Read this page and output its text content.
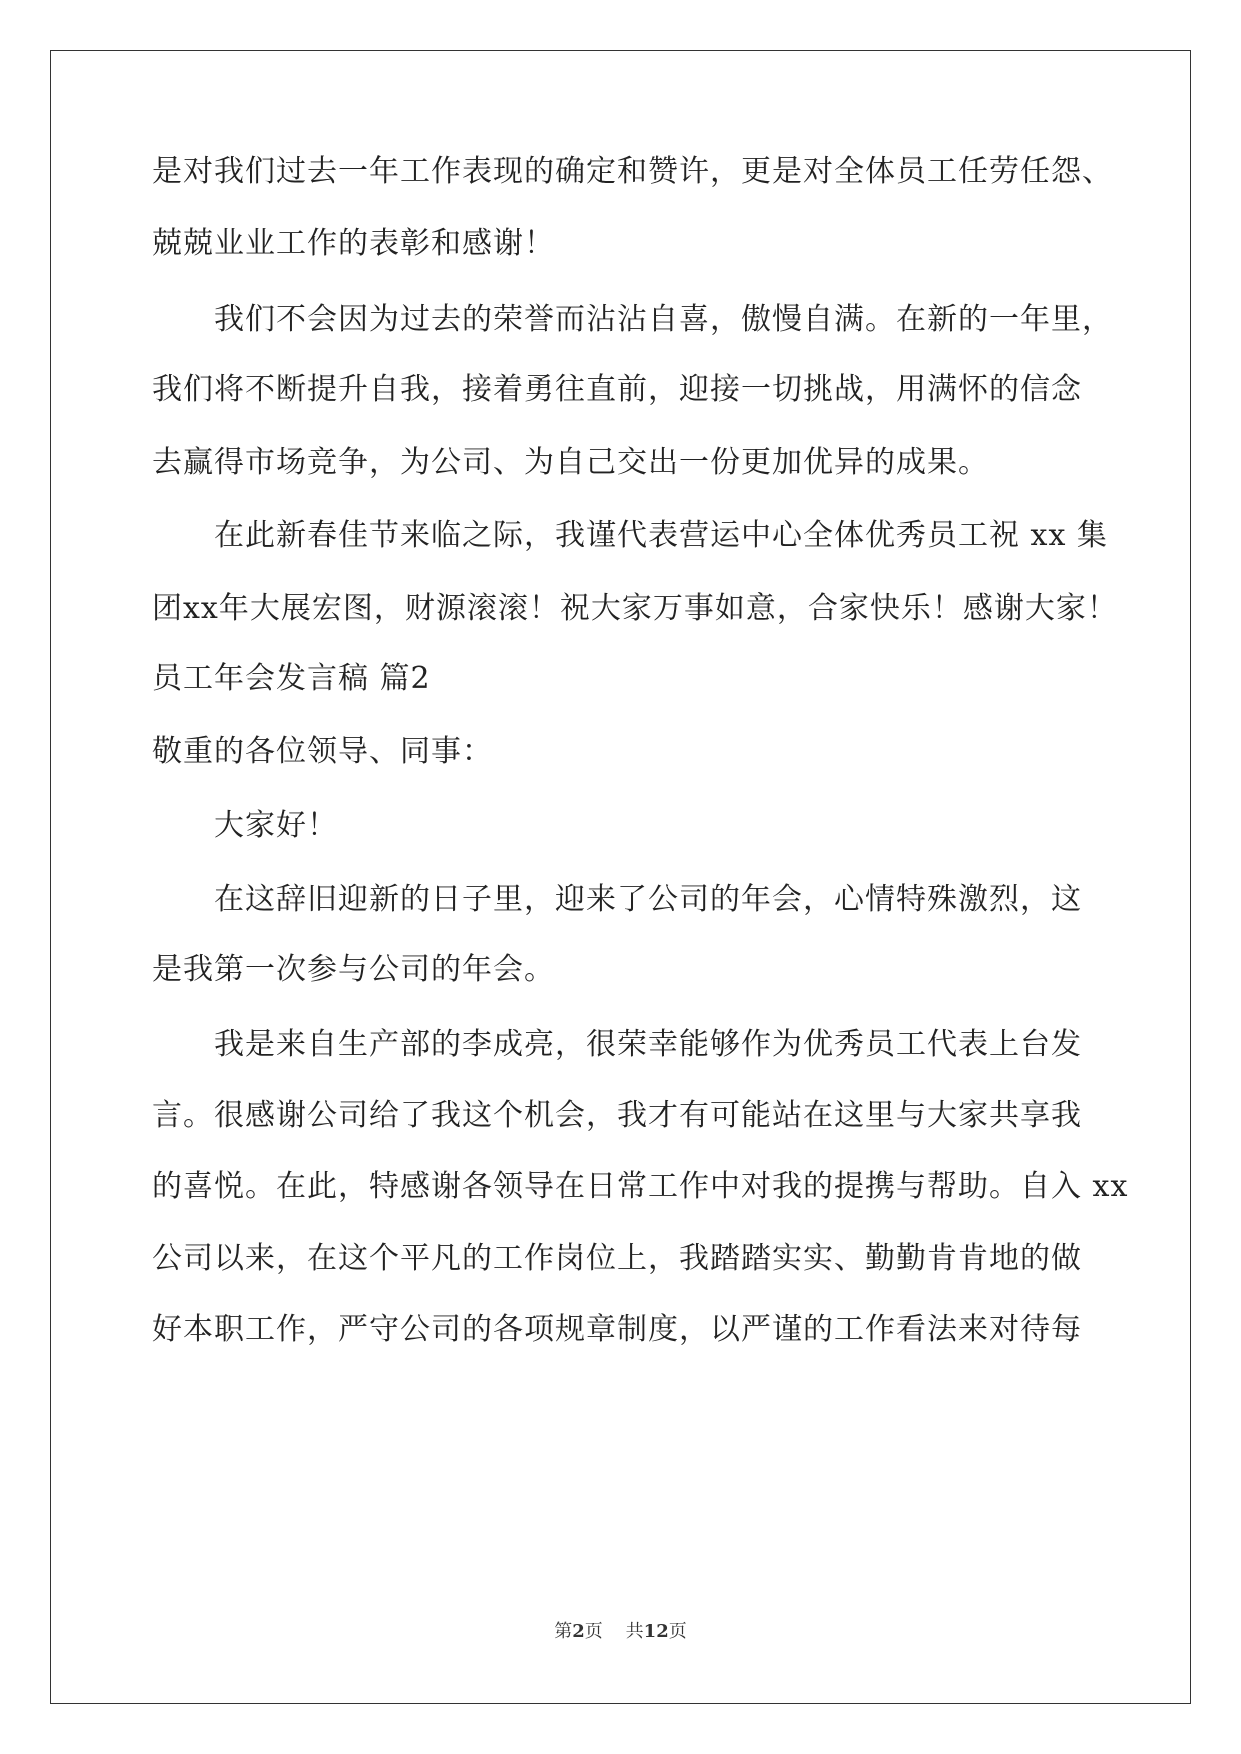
是对我们过去一年工作表现的确定和赞许，更是对全体员工任劳任怨、
兢兢业业工作的表彰和感谢！
我们不会因为过去的荣誉而沾沾自喜，傲慢自满。在新的一年里，
我们将不断提升自我，接着勇往直前，迎接一切挑战，用满怀的信念
去赢得市场竞争，为公司、为自己交出一份更加优异的成果。
在此新春佳节来临之际，我谨代表营运中心全体优秀员工祝 xx 集
团xx年大展宏图，财源滚滚！祝大家万事如意，合家快乐！感谢大家！
员工年会发言稿 篇2
敬重的各位领导、同事：
大家好！
在这辞旧迎新的日子里，迎来了公司的年会，心情特殊激烈，这
是我第一次参与公司的年会。
我是来自生产部的李成亮，很荣幸能够作为优秀员工代表上台发
言。很感谢公司给了我这个机会，我才有可能站在这里与大家共享我
的喜悦。在此，特感谢各领导在日常工作中对我的提携与帮助。自入 xx
公司以来，在这个平凡的工作岗位上，我踏踏实实、勤勤肯肯地的做
好本职工作，严守公司的各项规章制度，以严谨的工作看法来对待每
第2页 共12页
